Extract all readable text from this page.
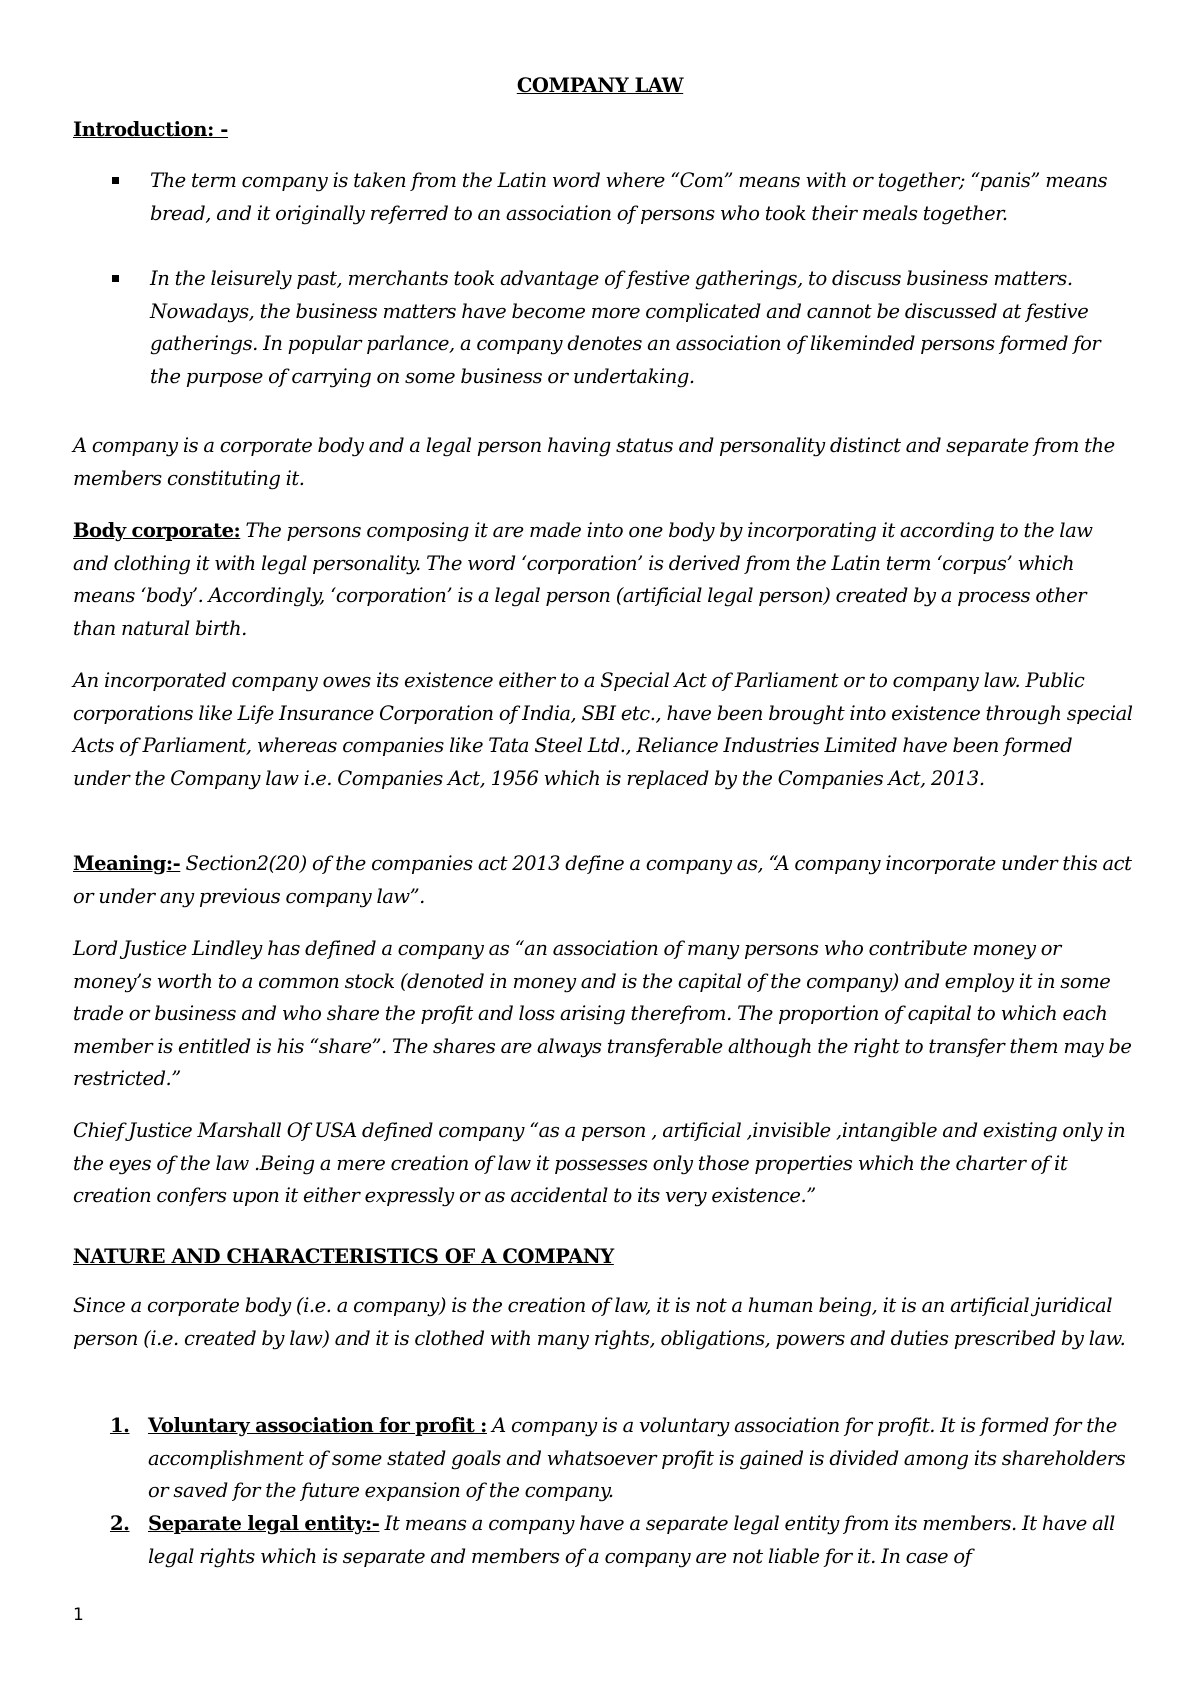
COMPANY LAW
Introduction: -
The term company is taken from the Latin word where “Com” means with or together; “panis” means bread, and it originally referred to an association of persons who took their meals together.
In the leisurely past, merchants took advantage of festive gatherings, to discuss business matters. Nowadays, the business matters have become more complicated and cannot be discussed at festive gatherings. In popular parlance, a company denotes an association of likeminded persons formed for the purpose of carrying on some business or undertaking.

A company is a corporate body and a legal person having status and personality distinct and separate from the members constituting it.

Body corporate: The persons composing it are made into one body by incorporating it according to the law and clothing it with legal personality. The word ‘corporation’ is derived from the Latin term ‘corpus’ which means ‘body’. Accordingly, ‘corporation’ is a legal person (artificial legal person) created by a process other than natural birth.

An incorporated company owes its existence either to a Special Act of Parliament or to company law. Public corporations like Life Insurance Corporation of India, SBI etc., have been brought into existence through special Acts of Parliament, whereas companies like Tata Steel Ltd., Reliance Industries Limited have been formed under the Company law i.e. Companies Act, 1956 which is replaced by the Companies Act, 2013.

Meaning:- Section2(20) of the companies act 2013 define a company as, “A company incorporate under this act or under any previous company law”.

Lord Justice Lindley has defined a company as “an association of many persons who contribute money or money’s worth to a common stock (denoted in money and is the capital of the company) and employ it in some trade or business and who share the profit and loss arising therefrom. The proportion of capital to which each member is entitled is his “share”. The shares are always transferable although the right to transfer them may be restricted.”

Chief Justice Marshall Of USA defined company “as a person , artificial ,invisible ,intangible and existing only in the eyes of the law .Being a mere creation of law it possesses only those properties which the charter of it creation confers upon it either expressly or as accidental to its very existence.”

NATURE AND CHARACTERISTICS OF A COMPANY

Since a corporate body (i.e. a company) is the creation of law, it is not a human being, it is an artificial juridical person (i.e. created by law) and it is clothed with many rights, obligations, powers and duties prescribed by law.

1. Voluntary association for profit : A company is a voluntary association for profit. It is formed for the accomplishment of some stated goals and whatsoever profit is gained is divided among its shareholders or saved for the future expansion of the company.
2. Separate legal entity:- It means a company have a separate legal entity from its members. It have all legal rights which is separate and members of a company are not liable for it. In case of
1
